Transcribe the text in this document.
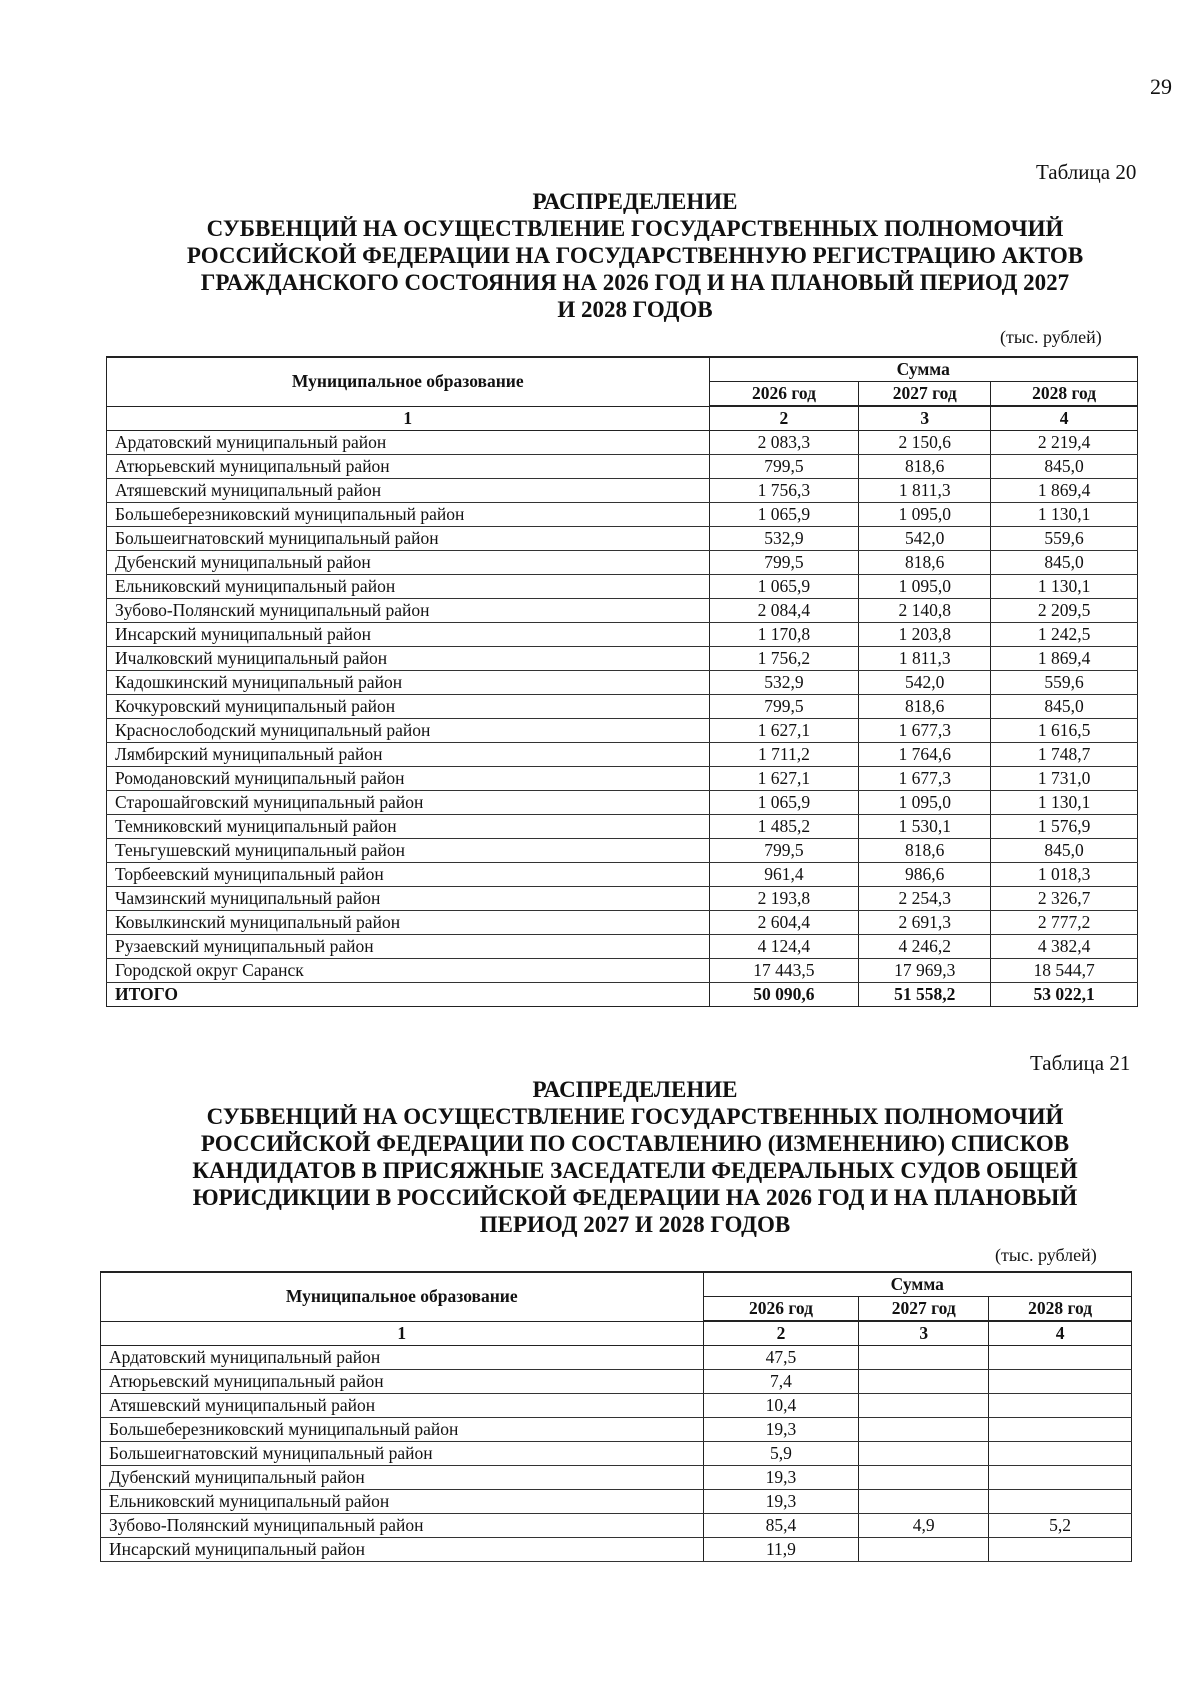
29
Таблица 20
РАСПРЕДЕЛЕНИЕ
СУБВЕНЦИЙ НА ОСУЩЕСТВЛЕНИЕ ГОСУДАРСТВЕННЫХ ПОЛНОМОЧИЙ
РОССИЙСКОЙ ФЕДЕРАЦИИ НА ГОСУДАРСТВЕННУЮ РЕГИСТРАЦИЮ АКТОВ
ГРАЖДАНСКОГО СОСТОЯНИЯ НА 2026 ГОД И НА ПЛАНОВЫЙ ПЕРИОД 2027
И 2028 ГОДОВ
(тыс. рублей)
Муниципальное образование	Сумма		
	2026 год	2027 год	2028 год
1	2	3	4
Ардатовский муниципальный район	2 083,3	2 150,6	2 219,4
Атюрьевский муниципальный район	799,5	818,6	845,0
Атяшевский муниципальный район	1 756,3	1 811,3	1 869,4
Большеберезниковский муниципальный район	1 065,9	1 095,0	1 130,1
Большеигнатовский муниципальный район	532,9	542,0	559,6
Дубенский муниципальный район	799,5	818,6	845,0
Ельниковский муниципальный район	1 065,9	1 095,0	1 130,1
Зубово-Полянский муниципальный район	2 084,4	2 140,8	2 209,5
Инсарский муниципальный район	1 170,8	1 203,8	1 242,5
Ичалковский муниципальный район	1 756,2	1 811,3	1 869,4
Кадошкинский муниципальный район	532,9	542,0	559,6
Кочкуровский муниципальный район	799,5	818,6	845,0
Краснослободский муниципальный район	1 627,1	1 677,3	1 616,5
Лямбирский муниципальный район	1 711,2	1 764,6	1 748,7
Ромодановский муниципальный район	1 627,1	1 677,3	1 731,0
Старошайговский муниципальный район	1 065,9	1 095,0	1 130,1
Темниковский муниципальный район	1 485,2	1 530,1	1 576,9
Теньгушевский муниципальный район	799,5	818,6	845,0
Торбеевский муниципальный район	961,4	986,6	1 018,3
Чамзинский муниципальный район	2 193,8	2 254,3	2 326,7
Ковылкинский муниципальный район	2 604,4	2 691,3	2 777,2
Рузаевский муниципальный район	4 124,4	4 246,2	4 382,4
Городской округ Саранск	17 443,5	17 969,3	18 544,7
ИТОГО	50 090,6	51 558,2	53 022,1
Таблица 21
РАСПРЕДЕЛЕНИЕ
СУБВЕНЦИЙ НА ОСУЩЕСТВЛЕНИЕ ГОСУДАРСТВЕННЫХ ПОЛНОМОЧИЙ
РОССИЙСКОЙ ФЕДЕРАЦИИ ПО СОСТАВЛЕНИЮ (ИЗМЕНЕНИЮ) СПИСКОВ
КАНДИДАТОВ В ПРИСЯЖНЫЕ ЗАСЕДАТЕЛИ ФЕДЕРАЛЬНЫХ СУДОВ ОБЩЕЙ
ЮРИСДИКЦИИ В РОССИЙСКОЙ ФЕДЕРАЦИИ НА 2026 ГОД И НА ПЛАНОВЫЙ
ПЕРИОД 2027 И 2028 ГОДОВ
(тыс. рублей)
Муниципальное образование	Сумма		
	2026 год	2027 год	2028 год
1	2	3	4
Ардатовский муниципальный район	47,5		
Атюрьевский муниципальный район	7,4		
Атяшевский муниципальный район	10,4		
Большеберезниковский муниципальный район	19,3		
Большеигнатовский муниципальный район	5,9		
Дубенский муниципальный район	19,3		
Ельниковский муниципальный район	19,3		
Зубово-Полянский муниципальный район	85,4	4,9	5,2
Инсарский муниципальный район	11,9		
